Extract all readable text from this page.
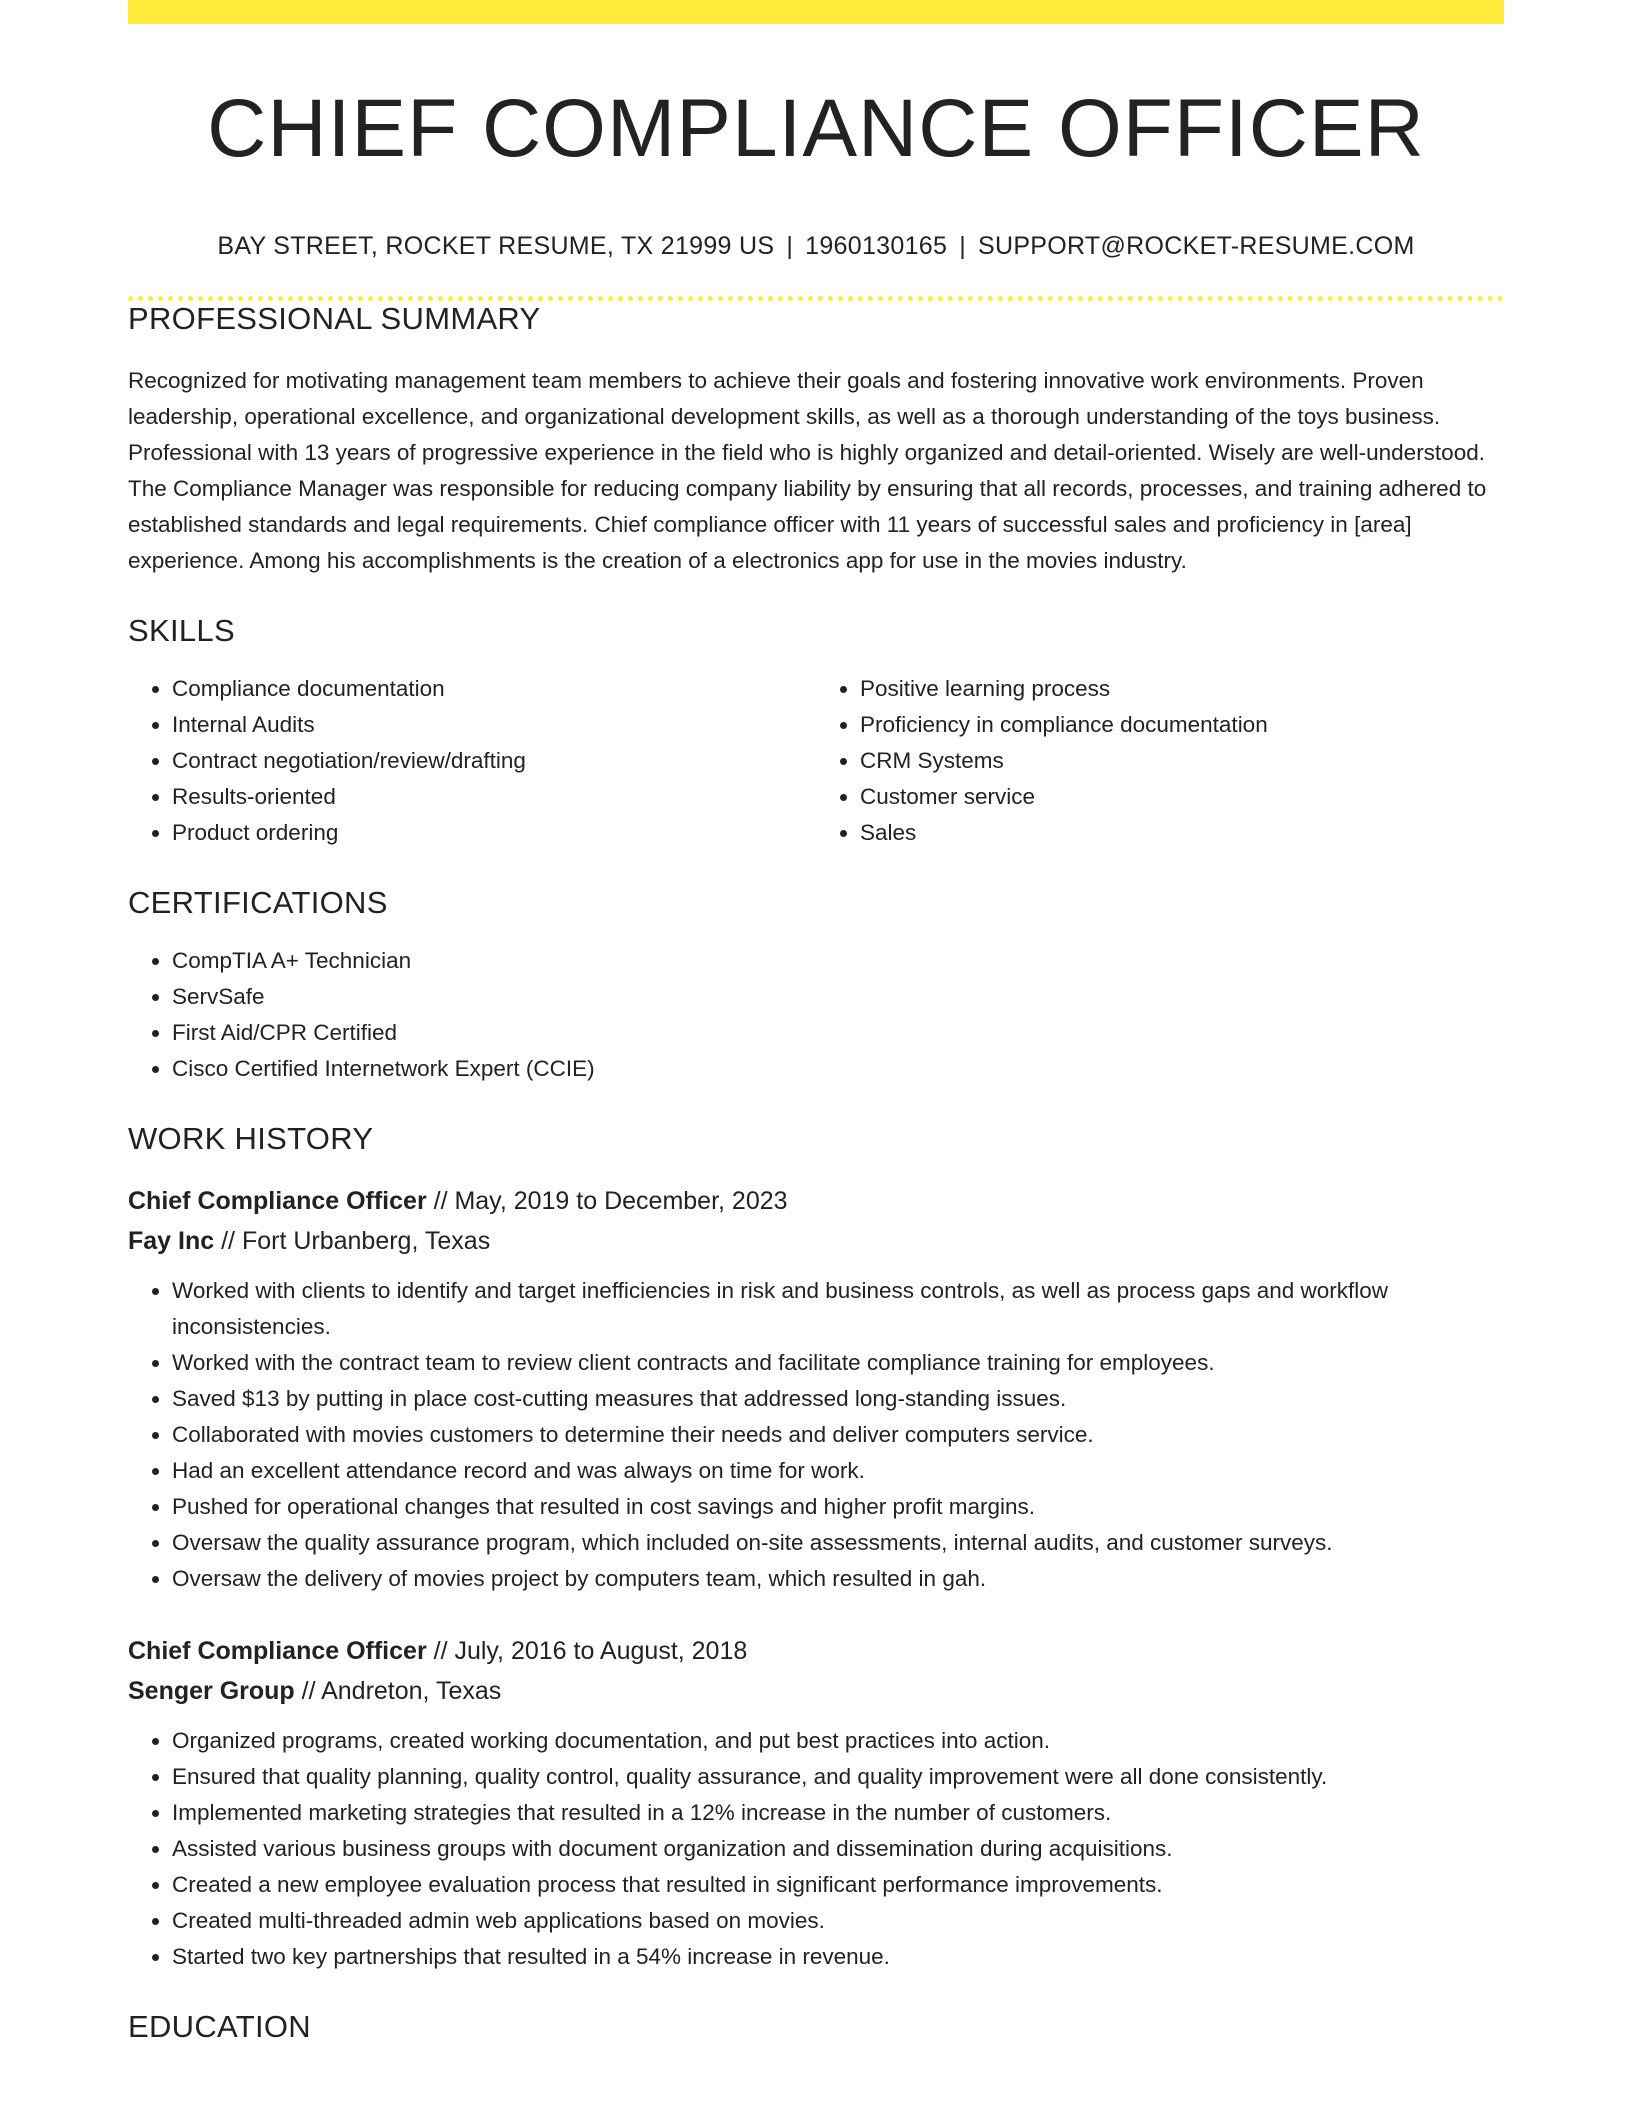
CHIEF COMPLIANCE OFFICER
BAY STREET, ROCKET RESUME, TX 21999 US | 1960130165 | SUPPORT@ROCKET-RESUME.COM
PROFESSIONAL SUMMARY
Recognized for motivating management team members to achieve their goals and fostering innovative work environments. Proven leadership, operational excellence, and organizational development skills, as well as a thorough understanding of the toys business. Professional with 13 years of progressive experience in the field who is highly organized and detail-oriented. Wisely are well-understood. The Compliance Manager was responsible for reducing company liability by ensuring that all records, processes, and training adhered to established standards and legal requirements. Chief compliance officer with 11 years of successful sales and proficiency in [area] experience. Among his accomplishments is the creation of a electronics app for use in the movies industry.
SKILLS
• Compliance documentation
• Internal Audits
• Contract negotiation/review/drafting
• Results-oriented
• Product ordering
• Positive learning process
• Proficiency in compliance documentation
• CRM Systems
• Customer service
• Sales
CERTIFICATIONS
• CompTIA A+ Technician
• ServSafe
• First Aid/CPR Certified
• Cisco Certified Internetwork Expert (CCIE)
WORK HISTORY
Chief Compliance Officer // May, 2019 to December, 2023
Fay Inc // Fort Urbanberg, Texas
• Worked with clients to identify and target inefficiencies in risk and business controls, as well as process gaps and workflow inconsistencies.
• Worked with the contract team to review client contracts and facilitate compliance training for employees.
• Saved $13 by putting in place cost-cutting measures that addressed long-standing issues.
• Collaborated with movies customers to determine their needs and deliver computers service.
• Had an excellent attendance record and was always on time for work.
• Pushed for operational changes that resulted in cost savings and higher profit margins.
• Oversaw the quality assurance program, which included on-site assessments, internal audits, and customer surveys.
• Oversaw the delivery of movies project by computers team, which resulted in gah.
Chief Compliance Officer // July, 2016 to August, 2018
Senger Group // Andreton, Texas
• Organized programs, created working documentation, and put best practices into action.
• Ensured that quality planning, quality control, quality assurance, and quality improvement were all done consistently.
• Implemented marketing strategies that resulted in a 12% increase in the number of customers.
• Assisted various business groups with document organization and dissemination during acquisitions.
• Created a new employee evaluation process that resulted in significant performance improvements.
• Created multi-threaded admin web applications based on movies.
• Started two key partnerships that resulted in a 54% increase in revenue.
EDUCATION
